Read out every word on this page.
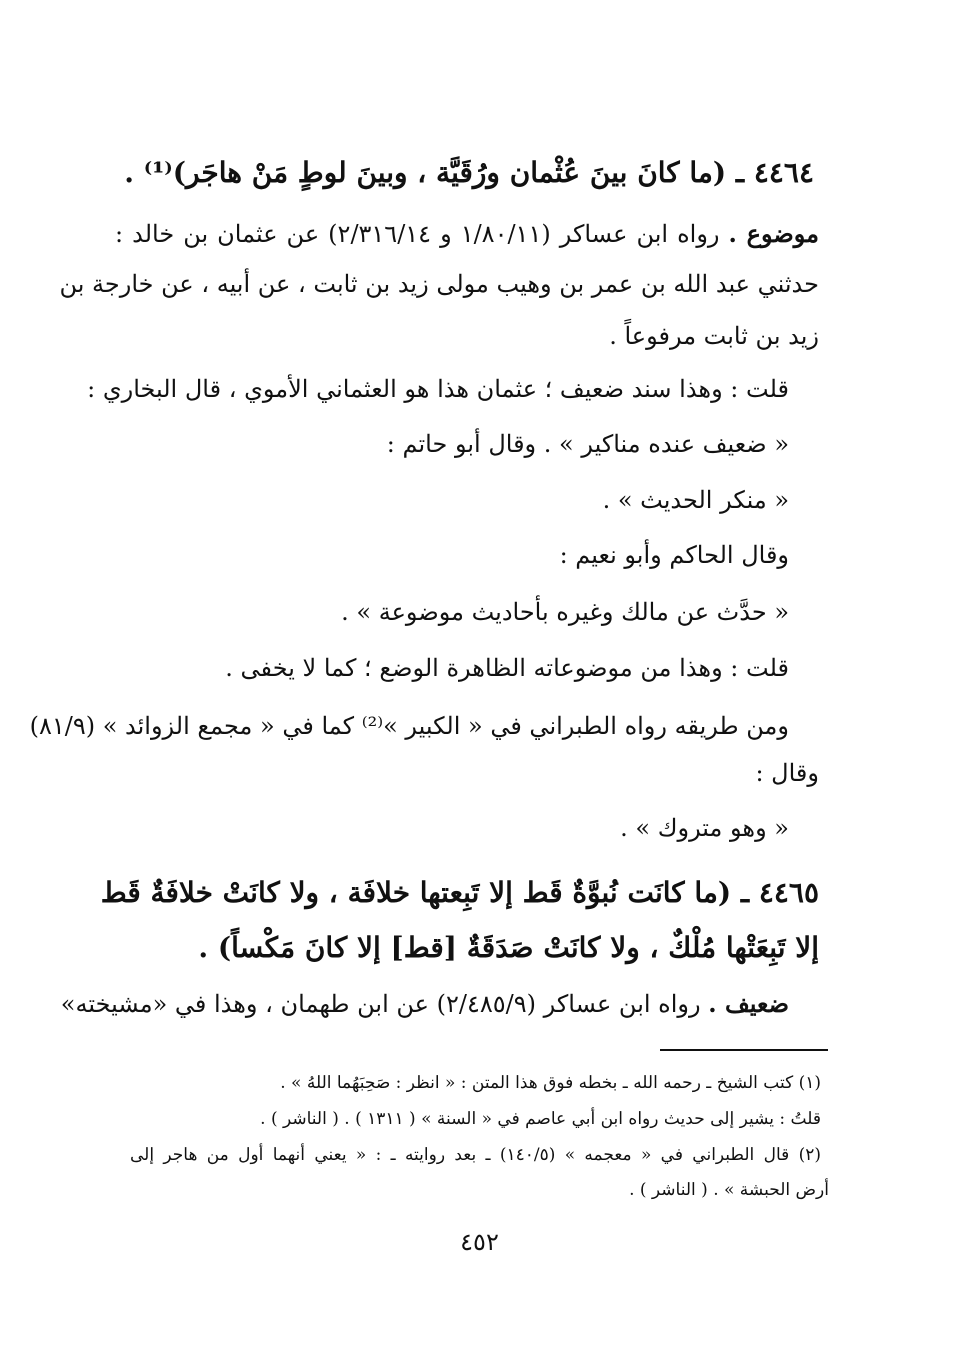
٤٤٦٤ ـ (ما كانَ بينَ عُثْمان ورُقَيَّة ، وبينَ لوطٍ مَنْ هاجَر)⁽¹⁾ .
موضوع . رواه ابن عساكر (١/٨٠/١١ و ٢/٣١٦/١٤) عن عثمان بن خالد :
حدثني عبد الله بن عمر بن وهيب مولى زيد بن ثابت ، عن أبيه ، عن خارجة بن
زيد بن ثابت مرفوعاً .
قلت : وهذا سند ضعيف ؛ عثمان هذا هو العثماني الأموي ، قال البخاري :
« ضعيف عنده مناكير » . وقال أبو حاتم :
« منكر الحديث » .
وقال الحاكم وأبو نعيم :
« حدَّث عن مالك وغيره بأحاديث موضوعة » .
قلت : وهذا من موضوعاته الظاهرة الوضع ؛ كما لا يخفى .
ومن طريقه رواه الطبراني في « الكبير »⁽²⁾ كما في « مجمع الزوائد » (٨١/٩)
وقال :
« وهو متروك » .
٤٤٦٥ ـ (ما كانَت نُبوَّةٌ قَط إلا تَبِعتها خلافَة ، ولا كانَتْ خلافَةٌ قَط
إلا تَبِعَتْها مُلْكٌ ، ولا كانَتْ صَدَقَةٌ [قط] إلا كانَ مَكْساً) .
ضعيف . رواه ابن عساكر (٢/٤٨٥/٩) عن ابن طهمان ، وهذا في «مشيخته»
(١) كتب الشيخ ـ رحمه الله ـ بخطه فوق هذا المتن : « انظر : صَحِبَهُما اللهُ » .
قلتُ : يشير إلى حديث رواه ابن أبي عاصم في « السنة » ( ١٣١١ ) . ( الناشر ) .
(٢) قال الطبراني في « معجمه » (١٤٠/٥) ـ بعد روايته ـ : « يعني أنهما أول من هاجر إلى
أرض الحبشة » . ( الناشر ) .
٤٥٢
